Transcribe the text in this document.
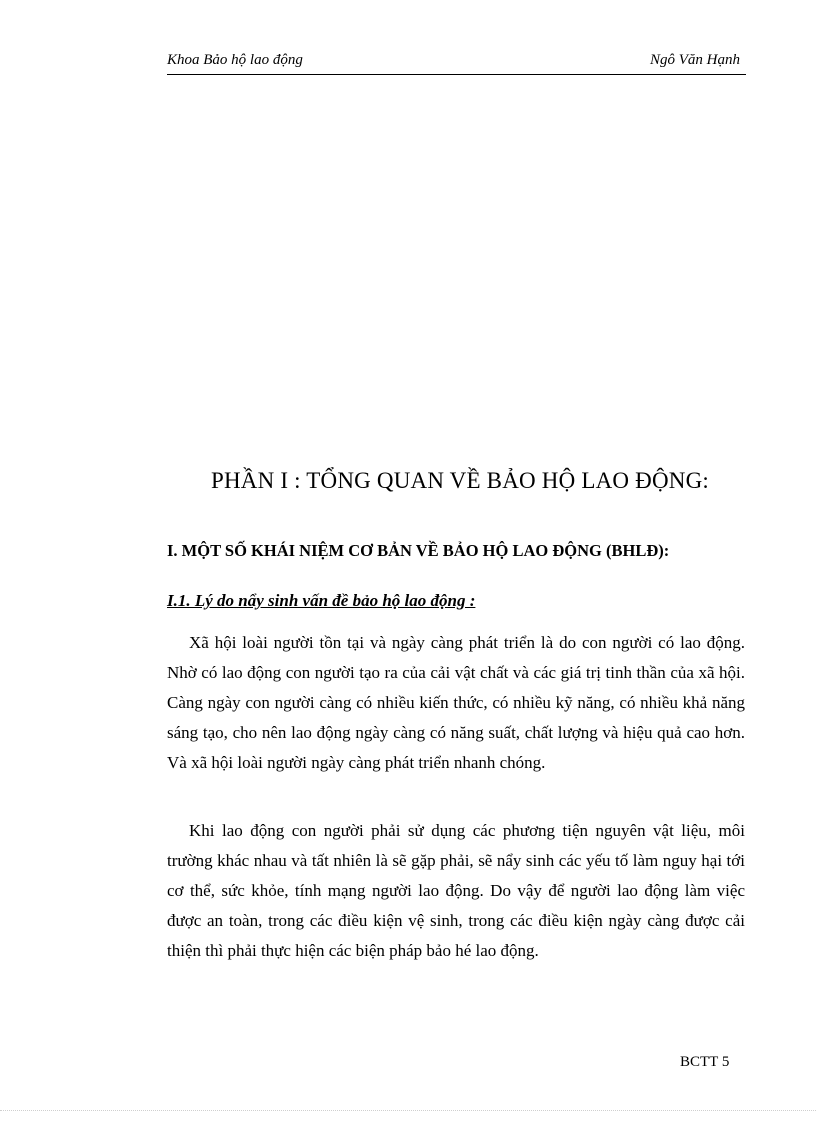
Khoa Bảo hộ lao động	Ngô Văn Hạnh
PHẦN I : TỔNG QUAN VỀ BẢO HỘ LAO ĐỘNG:
I. MỘT SỐ KHÁI NIỆM CƠ BẢN VỀ BẢO HỘ LAO ĐỘNG (BHLĐ):
I.1. Lý do nẩy sinh vấn đề bảo hộ lao động :

Xã hội loài người tồn tại và ngày càng phát triển là do con người có lao động. Nhờ có lao động con người tạo ra của cải vật chất và các giá trị tinh thần của xã hội. Càng ngày con người càng có nhiều kiến thức, có nhiều kỹ năng, có nhiều khả năng sáng tạo, cho nên lao động ngày càng có năng suất, chất lượng và hiệu quả cao hơn. Và xã hội loài người ngày càng phát triển nhanh chóng.

Khi lao động con người phải sử dụng các phương tiện nguyên vật liệu, môi trường khác nhau và tất nhiên là sẽ gặp phải, sẽ nẩy sinh các yếu tố làm nguy hại tới cơ thể, sức khỏe, tính mạng người lao động. Do vậy để người lao động làm việc được an toàn, trong các điều kiện vệ sinh, trong các điều kiện ngày càng được cải thiện thì phải thực hiện các biện pháp bảo hé lao động.

BCTT 5
